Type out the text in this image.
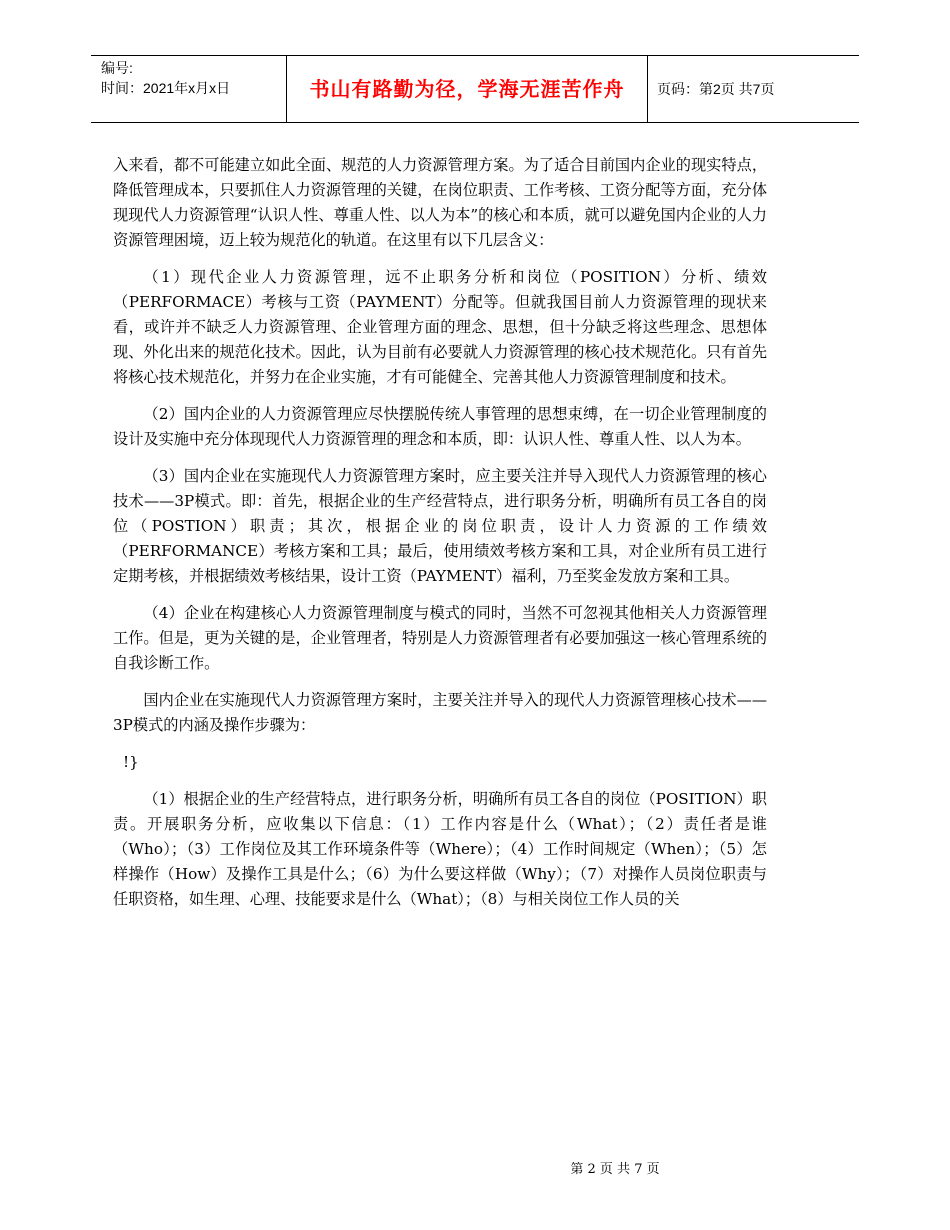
编号:
时间：2021年x月x日	书山有路勤为径，学海无涯苦作舟	页码：第2页 共7页

入来看，都不可能建立如此全面、规范的人力资源管理方案。为了适合目前国内企业的现实特点，降低管理成本，只要抓住人力资源管理的关键，在岗位职责、工作考核、工资分配等方面，充分体现现代人力资源管理“认识人性、尊重人性、以人为本”的核心和本质，就可以避免国内企业的人力资源管理困境，迈上较为规范化的轨道。在这里有以下几层含义：

（1）现代企业人力资源管理，远不止职务分析和岗位（POSITION）分析、绩效（PERFORMACE）考核与工资（PAYMENT）分配等。但就我国目前人力资源管理的现状来看，或许并不缺乏人力资源管理、企业管理方面的理念、思想，但十分缺乏将这些理念、思想体现、外化出来的规范化技术。因此，认为目前有必要就人力资源管理的核心技术规范化。只有首先将核心技术规范化，并努力在企业实施，才有可能健全、完善其他人力资源管理制度和技术。

（2）国内企业的人力资源管理应尽快摆脱传统人事管理的思想束缚，在一切企业管理制度的设计及实施中充分体现现代人力资源管理的理念和本质，即：认识人性、尊重人性、以人为本。

（3）国内企业在实施现代人力资源管理方案时，应主要关注并导入现代人力资源管理的核心技术——3P模式。即：首先，根据企业的生产经营特点，进行职务分析，明确所有员工各自的岗位（POSTION）职责；其次，根据企业的岗位职责，设计人力资源的工作绩效（PERFORMANCE）考核方案和工具；最后，使用绩效考核方案和工具，对企业所有员工进行定期考核，并根据绩效考核结果，设计工资（PAYMENT）福利，乃至奖金发放方案和工具。

（4）企业在构建核心人力资源管理制度与模式的同时，当然不可忽视其他相关人力资源管理工作。但是，更为关键的是，企业管理者，特别是人力资源管理者有必要加强这一核心管理系统的自我诊断工作。

国内企业在实施现代人力资源管理方案时，主要关注并导入的现代人力资源管理核心技术——3P模式的内涵及操作步骤为：

!}

（1）根据企业的生产经营特点，进行职务分析，明确所有员工各自的岗位（POSITION）职责。开展职务分析，应收集以下信息：（1）工作内容是什么（What）；（2）责任者是谁（Who）；（3）工作岗位及其工作环境条件等（Where）；（4）工作时间规定（When）；（5）怎样操作（How）及操作工具是什么；（6）为什么要这样做（Why）；（7）对操作人员岗位职责与任职资格，如生理、心理、技能要求是什么（What）；（8）与相关岗位工作人员的关

第 2 页 共 7 页
